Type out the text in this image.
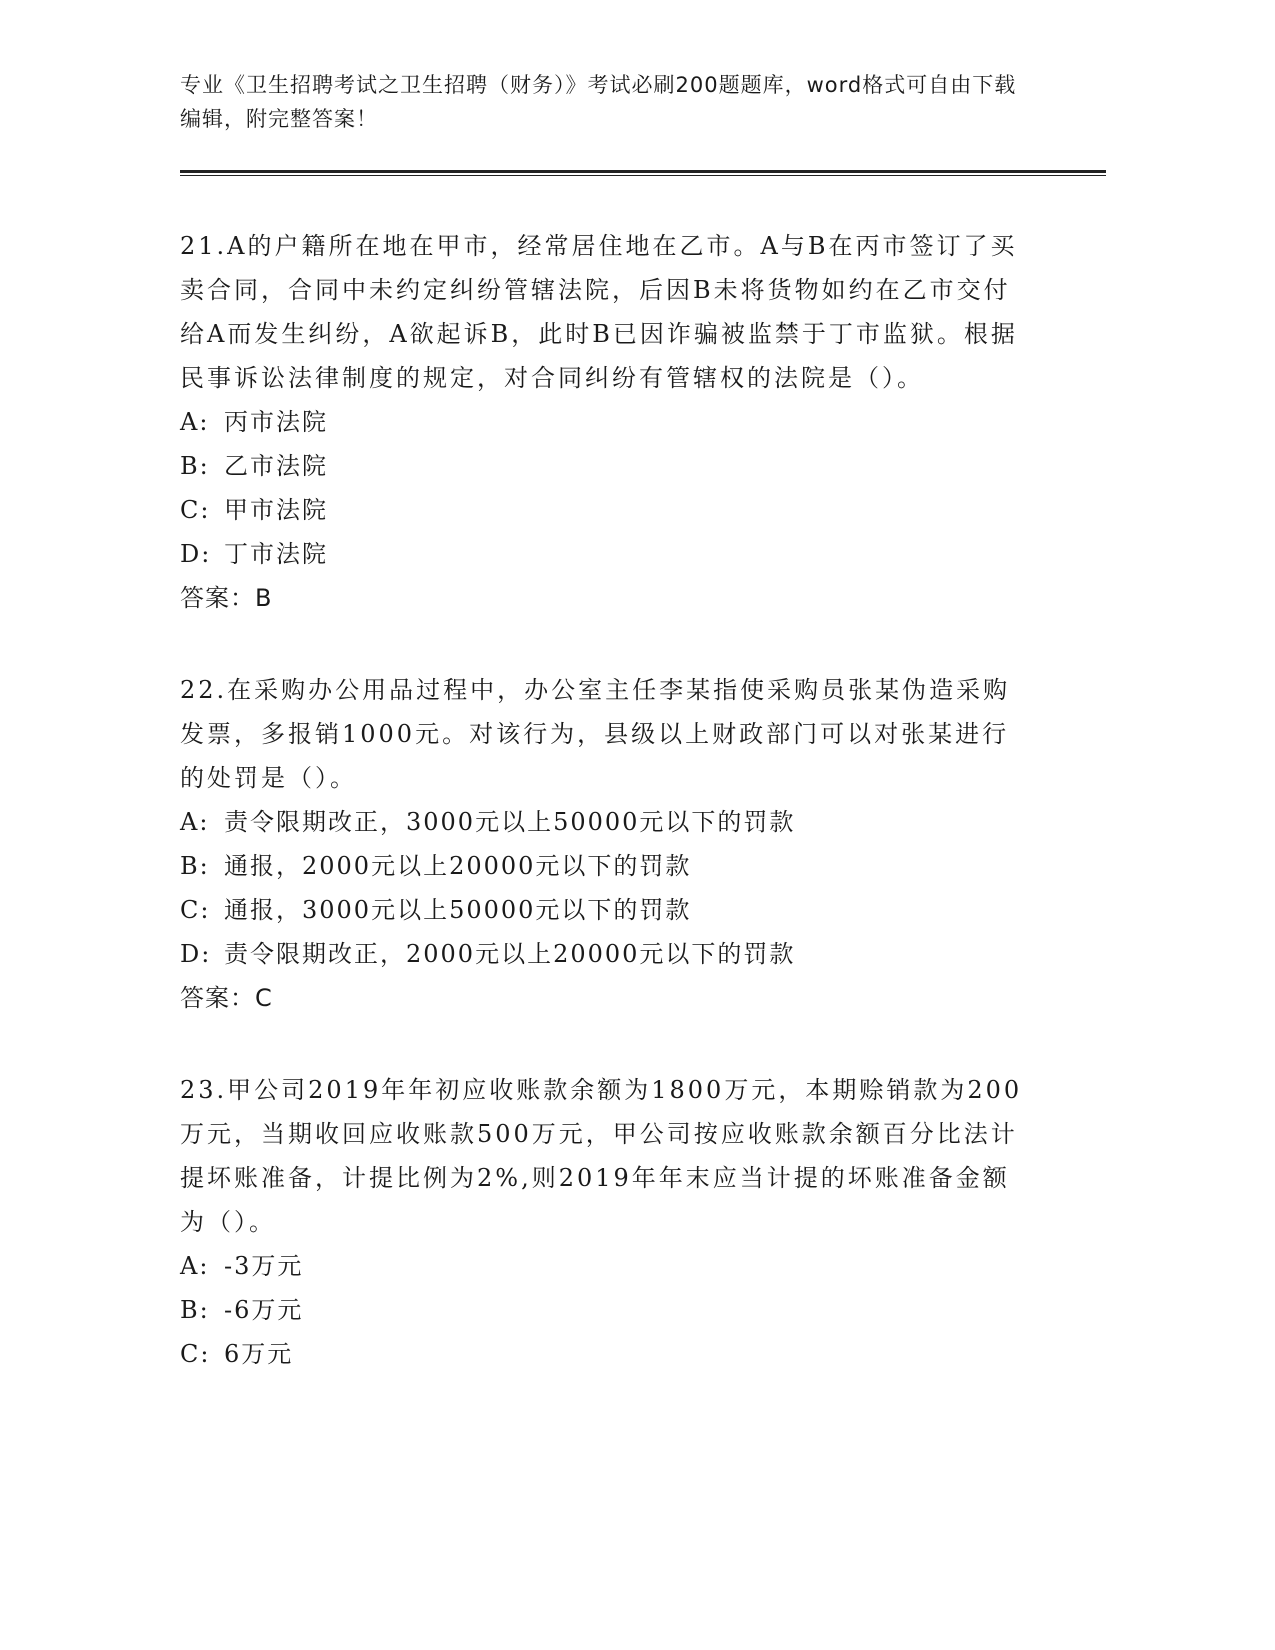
专业《卫生招聘考试之卫生招聘（财务）》考试必刷200题题库，word格式可自由下载编辑，附完整答案！

21.A的户籍所在地在甲市，经常居住地在乙市。A与B在丙市签订了买卖合同，合同中未约定纠纷管辖法院，后因B未将货物如约在乙市交付给A而发生纠纷，A欲起诉B，此时B已因诈骗被监禁于丁市监狱。根据民事诉讼法律制度的规定，对合同纠纷有管辖权的法院是（）。

A: 丙市法院

B: 乙市法院

C: 甲市法院

D: 丁市法院

答案：B

22.在采购办公用品过程中，办公室主任李某指使采购员张某伪造采购发票，多报销1000元。对该行为，县级以上财政部门可以对张某进行的处罚是（）。

A: 责令限期改正，3000元以上50000元以下的罚款

B: 通报，2000元以上20000元以下的罚款

C: 通报，3000元以上50000元以下的罚款

D: 责令限期改正，2000元以上20000元以下的罚款

答案：C

23.甲公司2019年年初应收账款余额为1800万元，本期赊销款为200万元，当期收回应收账款500万元，甲公司按应收账款余额百分比法计提坏账准备，计提比例为2%,则2019年年末应当计提的坏账准备金额为（）。

A: -3万元

B: -6万元

C: 6万元
